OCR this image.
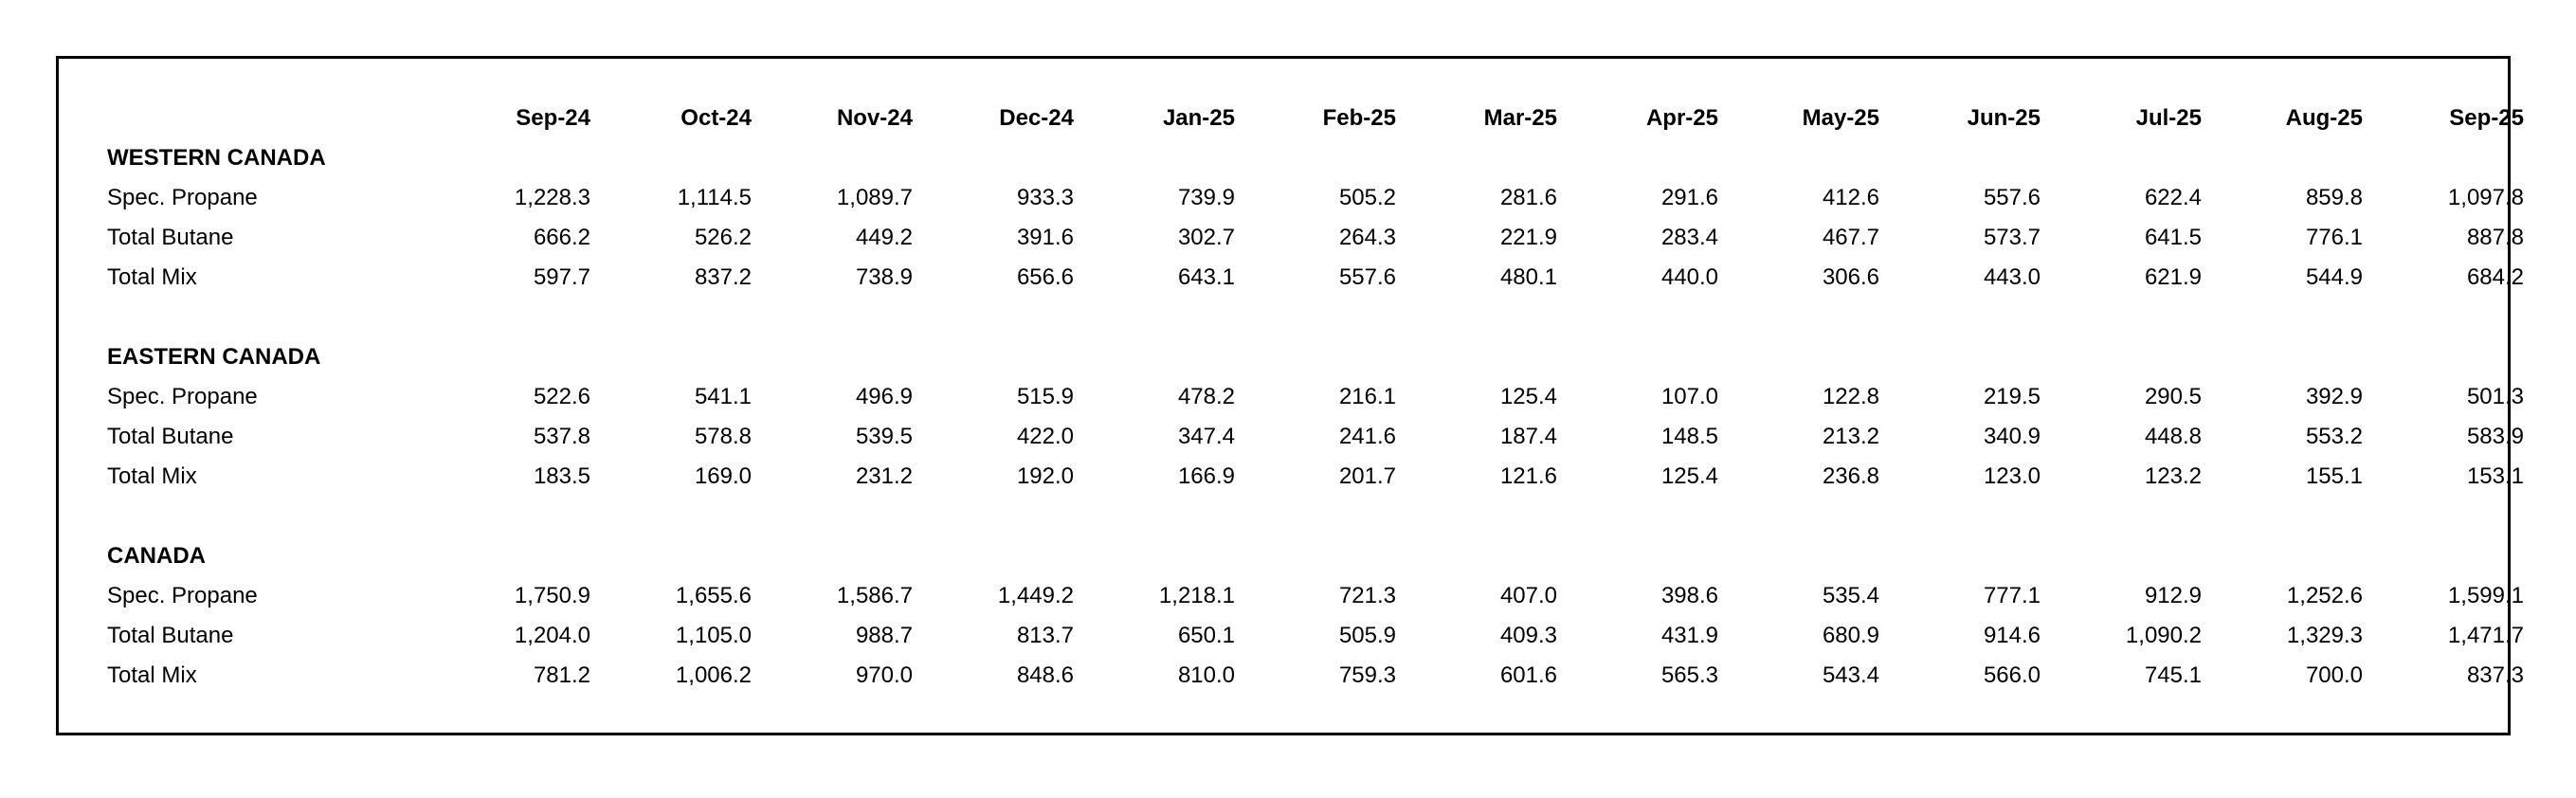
	Sep-24	Oct-24	Nov-24	Dec-24	Jan-25	Feb-25	Mar-25	Apr-25	May-25	Jun-25	Jul-25	Aug-25	Sep-25
WESTERN CANADA													
Spec. Propane	1,228.3	1,114.5	1,089.7	933.3	739.9	505.2	281.6	291.6	412.6	557.6	622.4	859.8	1,097.8
Total Butane	666.2	526.2	449.2	391.6	302.7	264.3	221.9	283.4	467.7	573.7	641.5	776.1	887.8
Total Mix	597.7	837.2	738.9	656.6	643.1	557.6	480.1	440.0	306.6	443.0	621.9	544.9	684.2

EASTERN CANADA													
Spec. Propane	522.6	541.1	496.9	515.9	478.2	216.1	125.4	107.0	122.8	219.5	290.5	392.9	501.3
Total Butane	537.8	578.8	539.5	422.0	347.4	241.6	187.4	148.5	213.2	340.9	448.8	553.2	583.9
Total Mix	183.5	169.0	231.2	192.0	166.9	201.7	121.6	125.4	236.8	123.0	123.2	155.1	153.1

CANADA													
Spec. Propane	1,750.9	1,655.6	1,586.7	1,449.2	1,218.1	721.3	407.0	398.6	535.4	777.1	912.9	1,252.6	1,599.1
Total Butane	1,204.0	1,105.0	988.7	813.7	650.1	505.9	409.3	431.9	680.9	914.6	1,090.2	1,329.3	1,471.7
Total Mix	781.2	1,006.2	970.0	848.6	810.0	759.3	601.6	565.3	543.4	566.0	745.1	700.0	837.3
